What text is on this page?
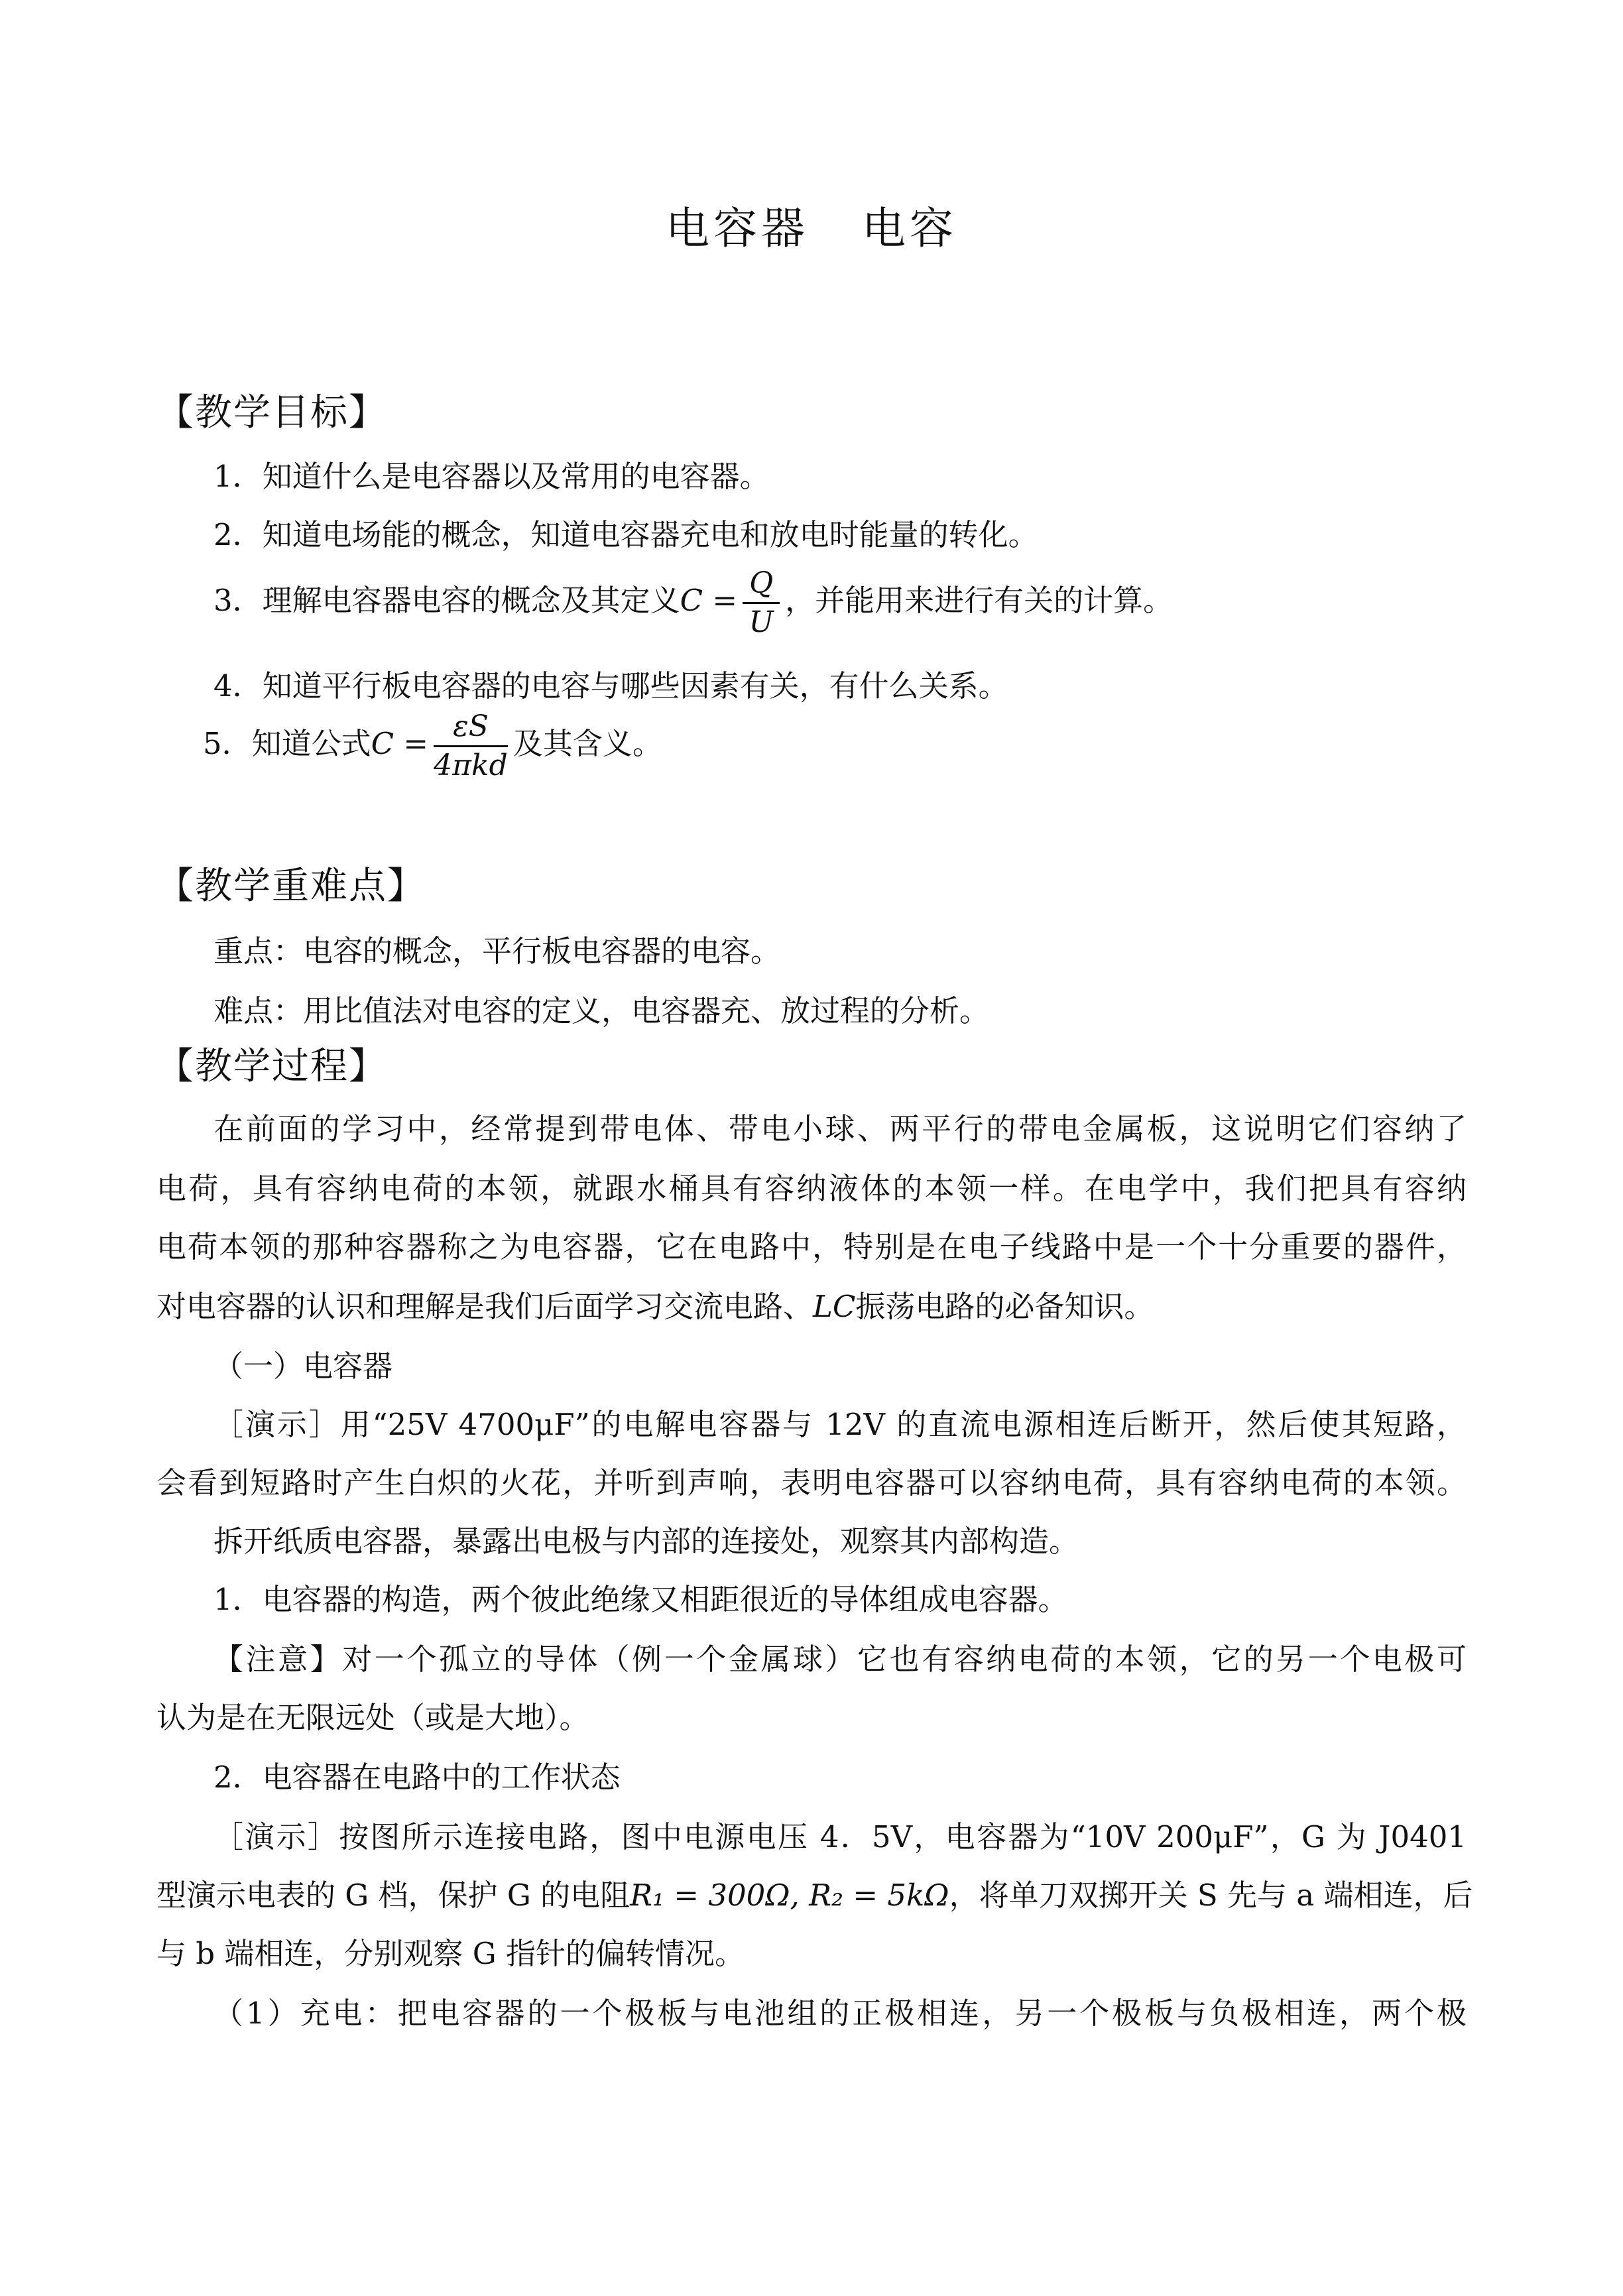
电容器 电容
【教学目标】
1．知道什么是电容器以及常用的电容器。
2．知道电场能的概念，知道电容器充电和放电时能量的转化。
3．理解电容器电容的概念及其定义$C = \frac{Q}{U}$ ，并能用来进行有关的计算。
4．知道平行板电容器的电容与哪些因素有关，有什么关系。
5．知道公式$C = \frac{\varepsilon S}{\text{4πkd}}$ 及其含义。
【教学重难点】
重点：电容的概念，平行板电容器的电容。
难点：用比值法对电容的定义，电容器充、放过程的分析。
【教学过程】
在前面的学习中，经常提到带电体、带电小球、两平行的带电金属板，这说明它们容纳了
电荷，具有容纳电荷的本领，就跟水桶具有容纳液体的本领一样。在电学中，我们把具有容纳
电荷本领的那种容器称之为电容器，它在电路中，特别是在电子线路中是一个十分重要的器件，
对电容器的认识和理解是我们后面学习交流电路、LC振荡电路的必备知识。
（一）电容器
［演示］用“25V 4700μF”的电解电容器与 12V 的直流电源相连后断开，然后使其短路，
会看到短路时产生白炽的火花，并听到声响，表明电容器可以容纳电荷，具有容纳电荷的本领。
拆开纸质电容器，暴露出电极与内部的连接处，观察其内部构造。
1．电容器的构造，两个彼此绝缘又相距很近的导体组成电容器。
【注意】对一个孤立的导体（例一个金属球）它也有容纳电荷的本领，它的另一个电极可
认为是在无限远处（或是大地）。
2．电容器在电路中的工作状态
［演示］按图所示连接电路，图中电源电压 4．5V，电容器为“10V 200μF”，G 为 J0401
型演示电表的 G 档，保护 G 的电阻R₁ = 300Ω, R₂ = 5kΩ，将单刀双掷开关 S 先与 a 端相连，后
与 b 端相连，分别观察 G 指针的偏转情况。
（1）充电：把电容器的一个极板与电池组的正极相连，另一个极板与负极相连，两个极
